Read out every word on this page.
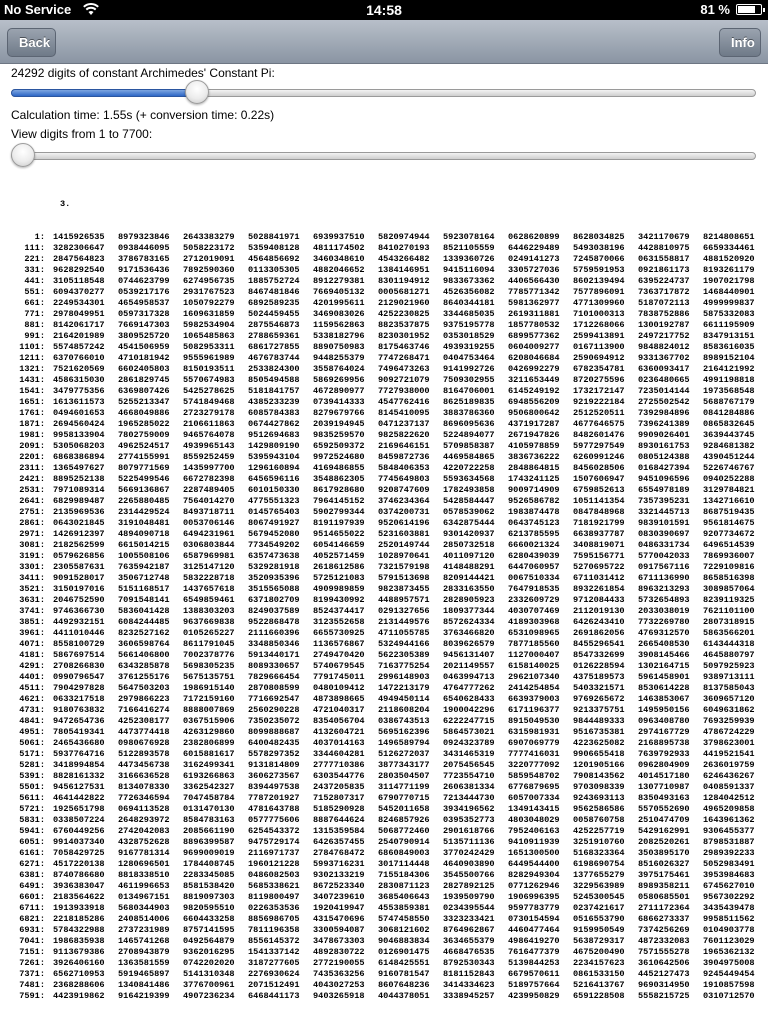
No Service	14:58	81 %
Back	Info
24292 digits of constant Archimedes' Constant Pi:
Calculation time: 1.55s (+ conversion time: 0.22s)
View digits from 1 to 7700:

3.

1: 1415926535	8979323846	2643383279	5028841971	6939937510	5820974944	5923078164	0628620899	8628034825	3421170679	8214808651
111: 3282306647	0938446095	5058223172	5359408128	4811174502	8410270193	8521105559	6446229489	5493038196	4428810975	6659334461
221: 2847564823	3786783165	2712019091	4564856692	3460348610	4543266482	1339360726	0249141273	7245870066	0631558817	4881520920
331: 9628292540	9171536436	7892590360	0113305305	4882046652	1384146951	9415116094	3305727036	5759591953	0921861173	8193261179
441: 3105118548	0744623799	6274956735	1885752724	8912279381	8301194912	9833673362	4406566430	8602139494	6395224737	1907021798
551: 6094370277	0539217176	2931767523	8467481846	7669405132	0005681271	4526356082	7785771342	7577896091	7363717872	1468440901
661: 2249534301	4654958537	1050792279	6892589235	4201995611	2129021960	8640344181	5981362977	4771309960	5187072113	4999999837
771: 2978049951	0597317328	1609631859	5024459455	3469083026	4252230825	3344685035	2619311881	7101000313	7838752886	5875332083
881: 8142061717	7669147303	5982534904	2875546873	1159562863	8823537875	9375195778	1857780532	1712268066	1300192787	6611195909
991: 2164201989	3809525720	1065485863	2788659361	5338182796	8230301952	0353018529	6899577362	2599413891	2497217752	8347913151
1101: 5574857242	4541506959	5082953311	6861727855	8890750983	8175463746	4939319255	0604009277	0167113900	9848824012	8583616035
1211: 6370766010	4710181942	9555961989	4676783744	9448255379	7747268471	0404753464	6208046684	2590694912	9331367702	8989152104
1321: 7521620569	6602405803	8150193511	2533824300	3558764024	7496473263	9141992726	0426992279	6782354781	6360093417	2164121992
1431: 4586315030	2861829745	5570674983	8505494588	5869269956	9092721079	7509302955	3211653449	8720275596	0236480665	4991198818
1541: 3479775356	6369807426	5425278625	5181841757	4672890977	7727938000	8164706001	6145249192	1732172147	7235014144	1973568548
1651: 1613611573	5255213347	5741849468	4385233239	0739414333	4547762416	8625189835	6948556209	9219222184	2725502542	5688767179
1761: 0494601653	4668049886	2723279178	6085784383	8279679766	8145410095	3883786360	9506800642	2512520511	7392984896	0841284886
1871: 2694560424	1965285022	2106611863	0674427862	2039194945	0471237137	8696095636	4371917287	4677646575	7396241389	0865832645
1981: 9958133904	7802759009	9465764078	9512694683	9835259570	9825822620	5224894077	2671947826	8482601476	9909026401	3639443745
2091: 5305068203	4962524517	4939965143	1429809190	6592509372	2169646151	5709858387	4105978859	5977297549	8930161753	9284681382
2201: 6868386894	2774155991	8559252459	5395943104	9972524680	8459872736	4469584865	3836736222	6260991246	0805124388	4390451244
2311: 1365497627	8079771569	1435997700	1296160894	4169486855	5848406353	4220722258	2848864815	8456028506	0168427394	5226746767
2421: 8895252138	5225499546	6672782398	6456596116	3548862305	7745649803	5593634568	1743241125	1507606947	9451096596	0940252288
2531: 7971089314	5669136867	2287489405	6010150330	8617928680	9208747609	1782493858	9009714909	6759852613	6554978189	3129784821
2641: 6829989487	2265880485	7564014270	4775551323	7964145152	3746234364	5428584447	9526586782	1051141354	7357395231	1342716610
2751: 2135969536	2314429524	8493718711	0145765403	5902799344	0374200731	0578539062	1983874478	0847848968	3321445713	8687519435
2861: 0643021845	3191048481	0053706146	8067491927	8191197939	9520614196	6342875444	0643745123	7181921799	9839101591	9561814675
2971: 1426912397	4894090718	6494231961	5679452080	9514655022	5231603881	9301420937	6213785595	6638937787	0830390697	9207734672
3081: 2182562599	6615014215	0306803844	7734549202	6054146659	2520149744	2850732518	6660021324	3408819071	0486331734	6496514539
3191: 0579626856	1005508106	6587969981	6357473638	4052571459	1028970641	4011097120	6280439039	7595156771	5770042033	7869936007
3301: 2305587631	7635942187	3125147120	5329281918	2618612586	7321579198	4148488291	6447060957	5270695722	0917567116	7229109816
3411: 9091528017	3506712748	5832228718	3520935396	5725121083	5791513698	8209144421	0067510334	6711031412	6711136990	8658516398
3521: 3150197016	5151168517	1437657618	3515565088	4909989859	9823873455	2833163550	7647918535	8932261854	8963213293	3089857064
3631: 2046752590	7091548141	6549859461	6371802709	8199430992	4488957571	2828905923	2332609729	9712084433	5732654893	8239119325
3741: 9746366730	5836041428	1388303203	8249037589	8524374417	0291327656	1809377344	4030707469	2112019130	2033038019	7621101100
3851: 4492932151	6084244485	9637669838	9522868478	3123552658	2131449576	8572624334	4189303968	6426243410	7732269780	2807318915
3961: 4411010446	8232527162	0105265227	2111660396	6655730925	4711055785	3763466820	6531098965	2691862056	4769312570	5863566201
4071: 8558100729	3606598764	8611791045	3348850346	1136576867	5324944166	8039626579	7877185560	8455296541	2665408530	6143444318
4181: 5867697514	5661406800	7002378776	5913440171	2749470420	5622305389	9456131407	1127000407	8547332699	3908145466	4645880797
4291: 2708266830	6343285878	5698305235	8089330657	5740679545	7163775254	2021149557	6158140025	0126228594	1302164715	5097925923
4401: 0990796547	3761255176	5675135751	7829666454	7791745011	2996148903	0463994713	2962107340	4375189573	5961458901	9389713111
4511: 7904297828	5647503203	1986915140	2870808599	0480109412	1472213179	4764777262	2414254854	5403321571	8530614228	8137585043
4621: 0633217518	2979866223	7172159160	7716692547	4873898665	4949450114	6540628433	6639379003	9769265672	1463853067	3609657120
4731: 9180763832	7166416274	8888007869	2560290228	4721040317	2118608204	1900042296	6171196377	9213375751	1495950156	6049631862
4841: 9472654736	4252308177	0367515906	7350235072	8354056704	0386743513	6222247715	8915049530	9844489333	0963408780	7693259939
4951: 7805419341	4473774418	4263129860	8099888687	4132604721	5695162396	5864573021	6315981931	9516735381	2974167729	4786724229
5061: 2465436680	0980676928	2382806899	6400482435	4037014163	1496589794	0924323789	6907069779	4223625082	2168895738	3798623001
5171: 5937764716	5122893578	6015881617	5578297352	3344604281	5126272037	3431465319	7777416031	9906655418	7639792933	4419521541
5281: 3418994854	4473456738	3162499341	9131814809	2777710386	3877343177	2075456545	3220777092	1201905166	0962804909	2636019759
5391: 8828161332	3166636528	6193266863	3606273567	6303544776	2803504507	7723554710	5859548702	7908143562	4014517180	6246436267
5501: 9456127531	8134078330	3362542327	8394497538	2437205835	3114771199	2606381334	6776879695	9703098339	1307710987	0408591337
5611: 4641442822	7726346594	7047458784	7787201927	7152807317	6790770715	7213444730	6057007334	9243693113	8350493163	1284042512
5721: 1925651798	0694113528	0131470130	4781643788	5185290928	5452011658	3934196562	1349143415	9562586586	5570552690	4965209858
5831: 0338507224	2648293972	8584783163	0577775606	8887644624	8246857926	0395352773	4803048029	0058760758	2510474709	1643961362
5941: 6760449256	2742042083	2085661190	6254543372	1315359584	5068772460	2901618766	7952406163	4252257719	5429162991	9306455377
6051: 9914037340	4328752628	8896399587	9475729174	6426357455	2540790914	5135711136	9410911939	3251910760	2082520261	8798531887
6161: 7058429725	9167781314	9699009019	2116971737	2784768472	6860849003	3770242429	1651300500	5168323364	3503895170	2989392233
6271: 4517220138	1280696501	1784408745	1960121228	5993716231	3017114448	4640903890	6449544400	6198690754	8516026327	5052983491
6381: 8740786680	8818338510	2283345085	0486082503	9302133219	7155184306	3545500766	8282949304	1377655279	3975175461	3953984683
6491: 3936383047	4611996653	8581538420	5685338621	8672523340	2830871123	2827892125	0771262946	3229563989	8989358211	6745627010
6601: 2183564622	0134967151	8819097303	8119800497	3407239610	3685406643	1939509790	1906996395	5245300545	0580685501	9567302292
6711: 1913933918	5680344903	9820595510	0226353536	1920419947	4553859381	0234395544	9597783779	0237421617	2711172364	3435439478
6821: 2218185286	2408514006	6604433258	8856986705	4315470696	5747458550	3323233421	0730154594	0516553790	6866273337	9958511562
6931: 5784322988	2737231989	8757141595	7811196358	3300594087	3068121602	8764962867	4460477464	9159950549	7374256269	0104903778
7041: 1986835938	1465741268	0492564879	8556145372	3478673303	9046883834	3634655379	4986419270	5638729317	4872332083	7601123029
7151: 9113679386	2708943879	9362016295	1541337142	4892830722	0126901475	4668476535	7616477379	4675200490	7571555278	1965362132
7261: 3926406160	1363581559	0742202020	3187277605	2772190055	6148425551	8792530343	5139844253	2234157623	3610642506	3904975008
7371: 6562710953	5919465897	5141310348	2276930624	7435363256	9160781547	8181152843	6679570611	0861533150	4452127473	9245449454
7481: 2368288606	1340841486	3776700961	2071512491	4043027253	8607648236	3414334623	5189757664	5216413767	9690314950	1910857598
7591: 4423919862	9164219399	4907236234	6468441173	9403265918	4044378051	3338945257	4239950829	6591228508	5558215725	0310712570
